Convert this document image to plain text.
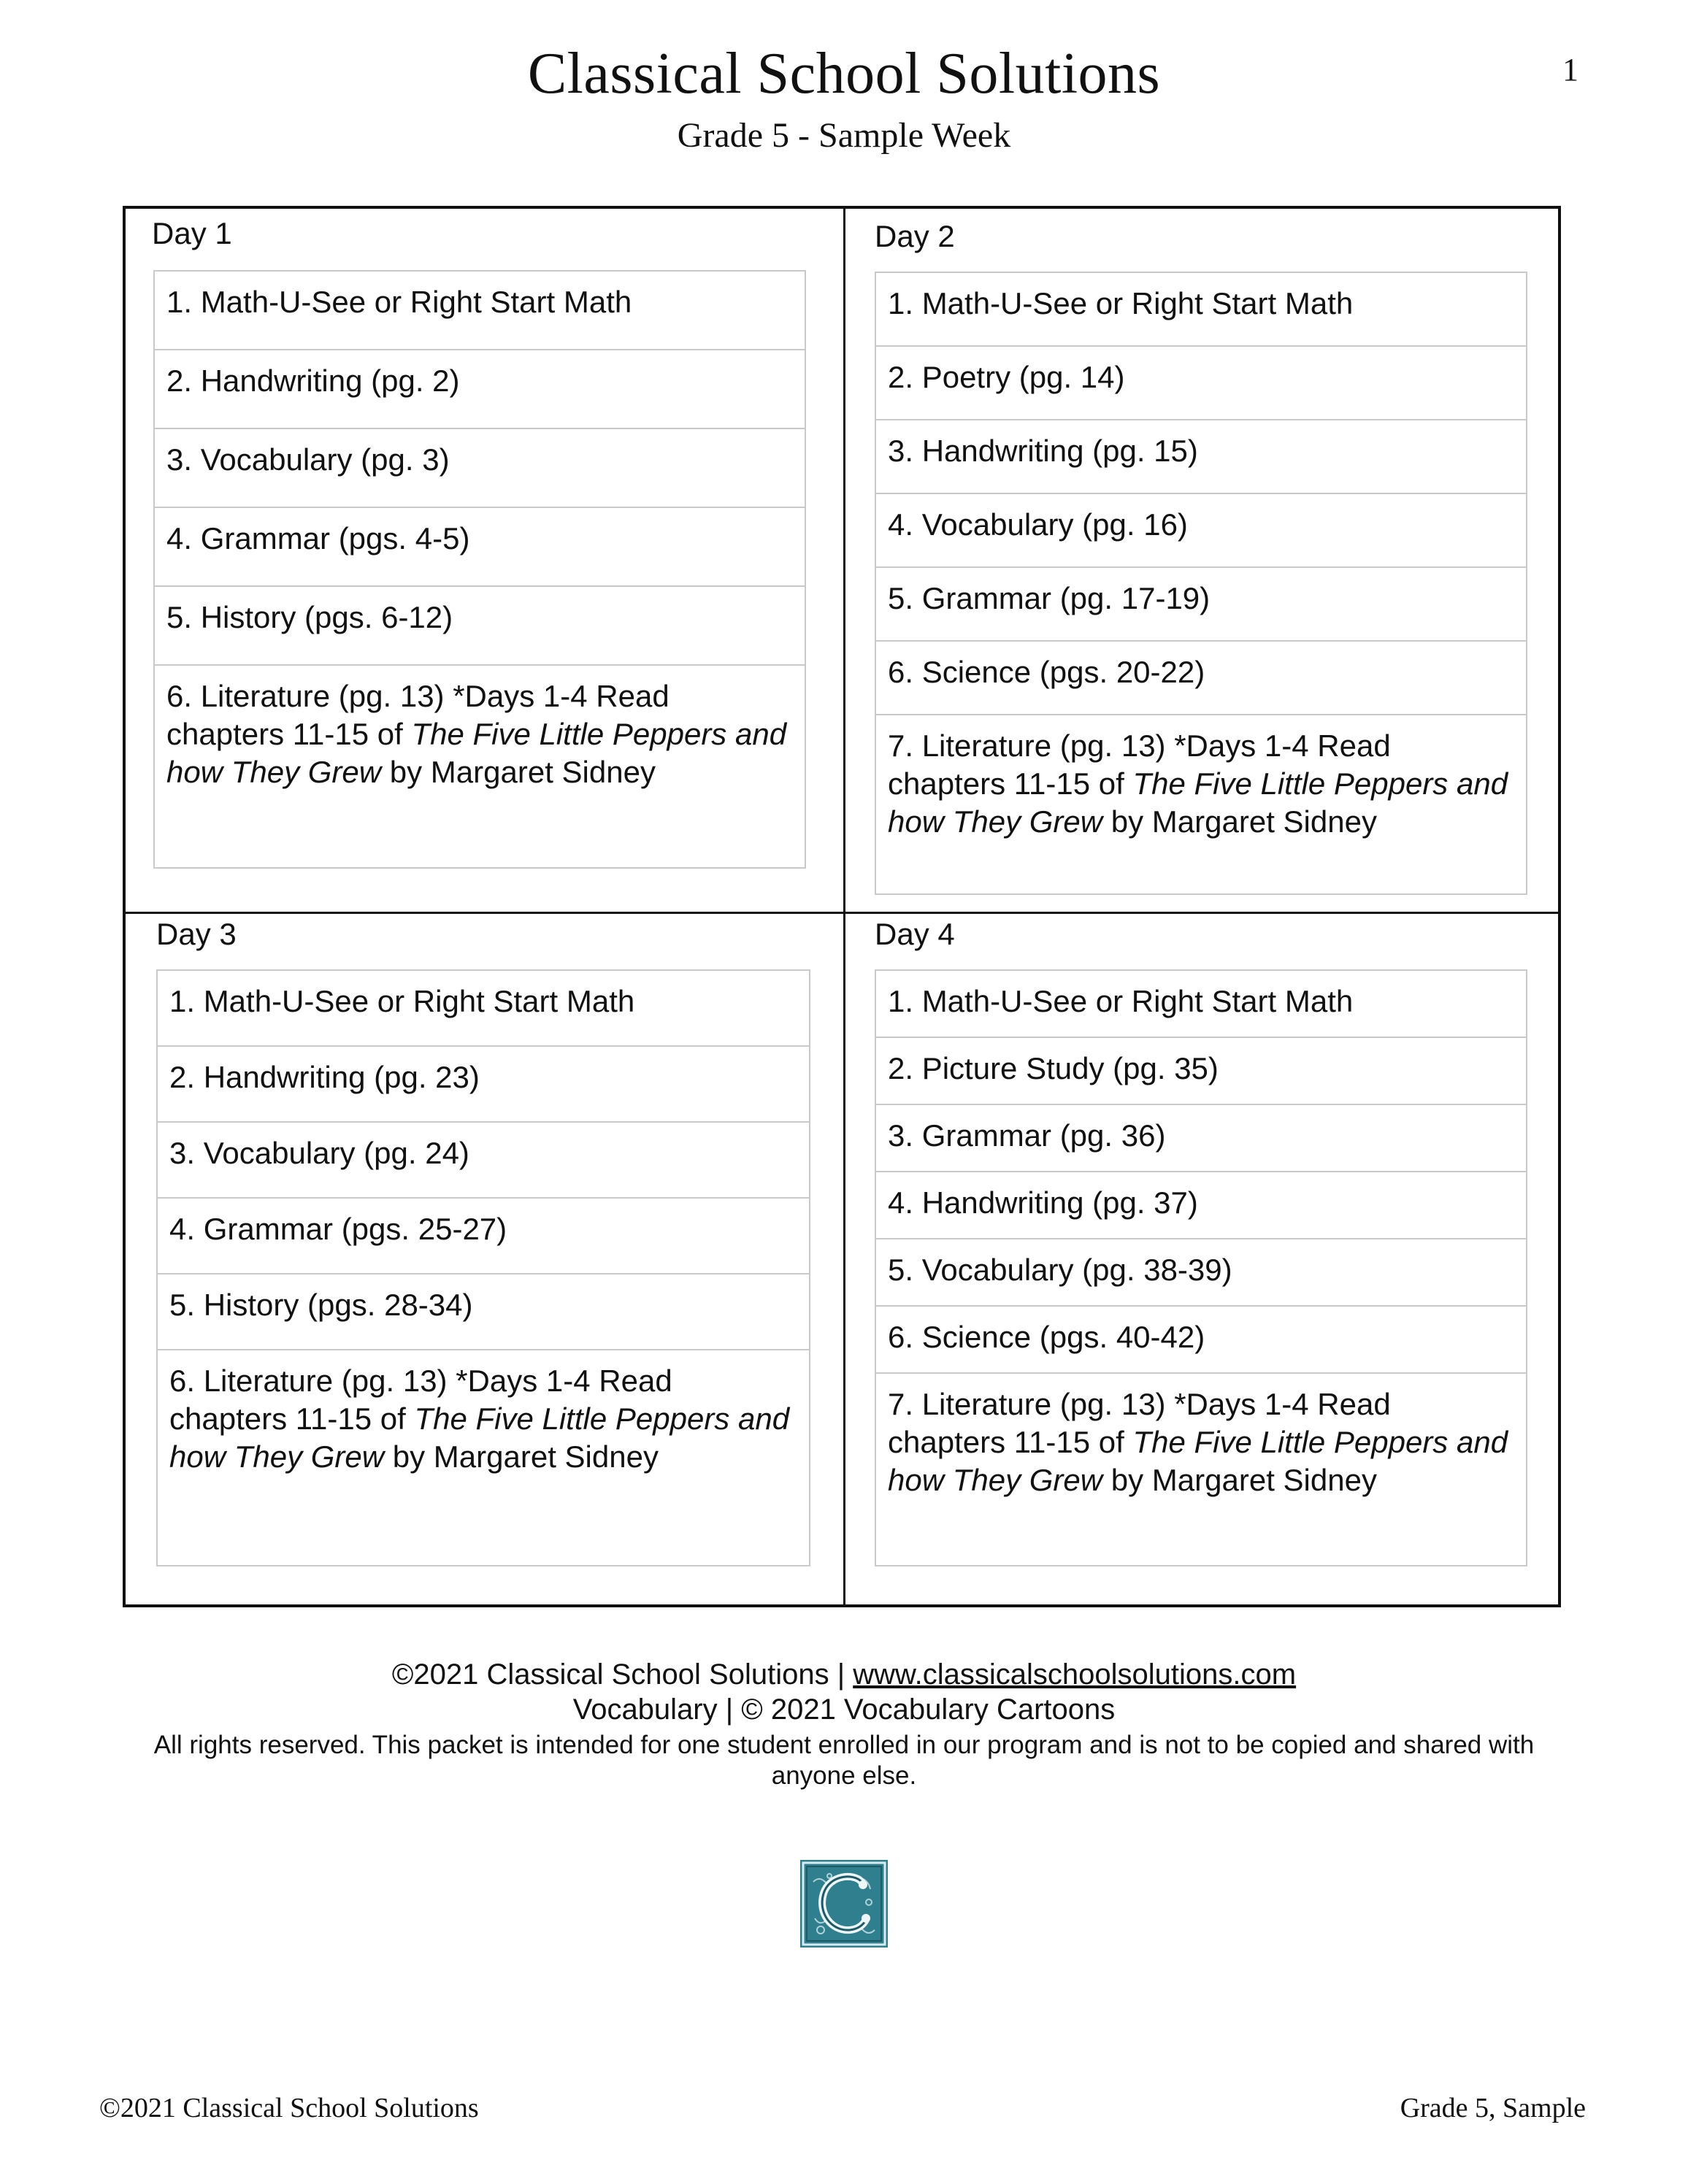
1
Classical School Solutions
Grade 5 - Sample Week
Day 1
1. Math-U-See or Right Start Math
2. Handwriting (pg. 2)
3. Vocabulary (pg. 3)
4. Grammar (pgs. 4-5)
5. History (pgs. 6-12)
6. Literature (pg. 13) *Days 1-4 Read chapters 11-15 of The Five Little Peppers and how They Grew by Margaret Sidney
Day 2
1. Math-U-See or Right Start Math
2. Poetry (pg. 14)
3. Handwriting (pg. 15)
4. Vocabulary (pg. 16)
5. Grammar (pg. 17-19)
6. Science (pgs. 20-22)
7. Literature (pg. 13) *Days 1-4 Read chapters 11-15 of The Five Little Peppers and how They Grew by Margaret Sidney
Day 3
1. Math-U-See or Right Start Math
2. Handwriting (pg. 23)
3. Vocabulary (pg. 24)
4. Grammar (pgs. 25-27)
5. History (pgs. 28-34)
6. Literature (pg. 13) *Days 1-4 Read chapters 11-15 of The Five Little Peppers and how They Grew by Margaret Sidney
Day 4
1. Math-U-See or Right Start Math
2. Picture Study (pg. 35)
3. Grammar (pg. 36)
4. Handwriting (pg. 37)
5. Vocabulary (pg. 38-39)
6. Science (pgs. 40-42)
7. Literature (pg. 13) *Days 1-4 Read chapters 11-15 of The Five Little Peppers and how They Grew by Margaret Sidney
©2021 Classical School Solutions | www.classicalschoolsolutions.com
Vocabulary | © 2021 Vocabulary Cartoons
All rights reserved. This packet is intended for one student enrolled in our program and is not to be copied and shared with anyone else.
©2021 Classical School Solutions	Grade 5, Sample
